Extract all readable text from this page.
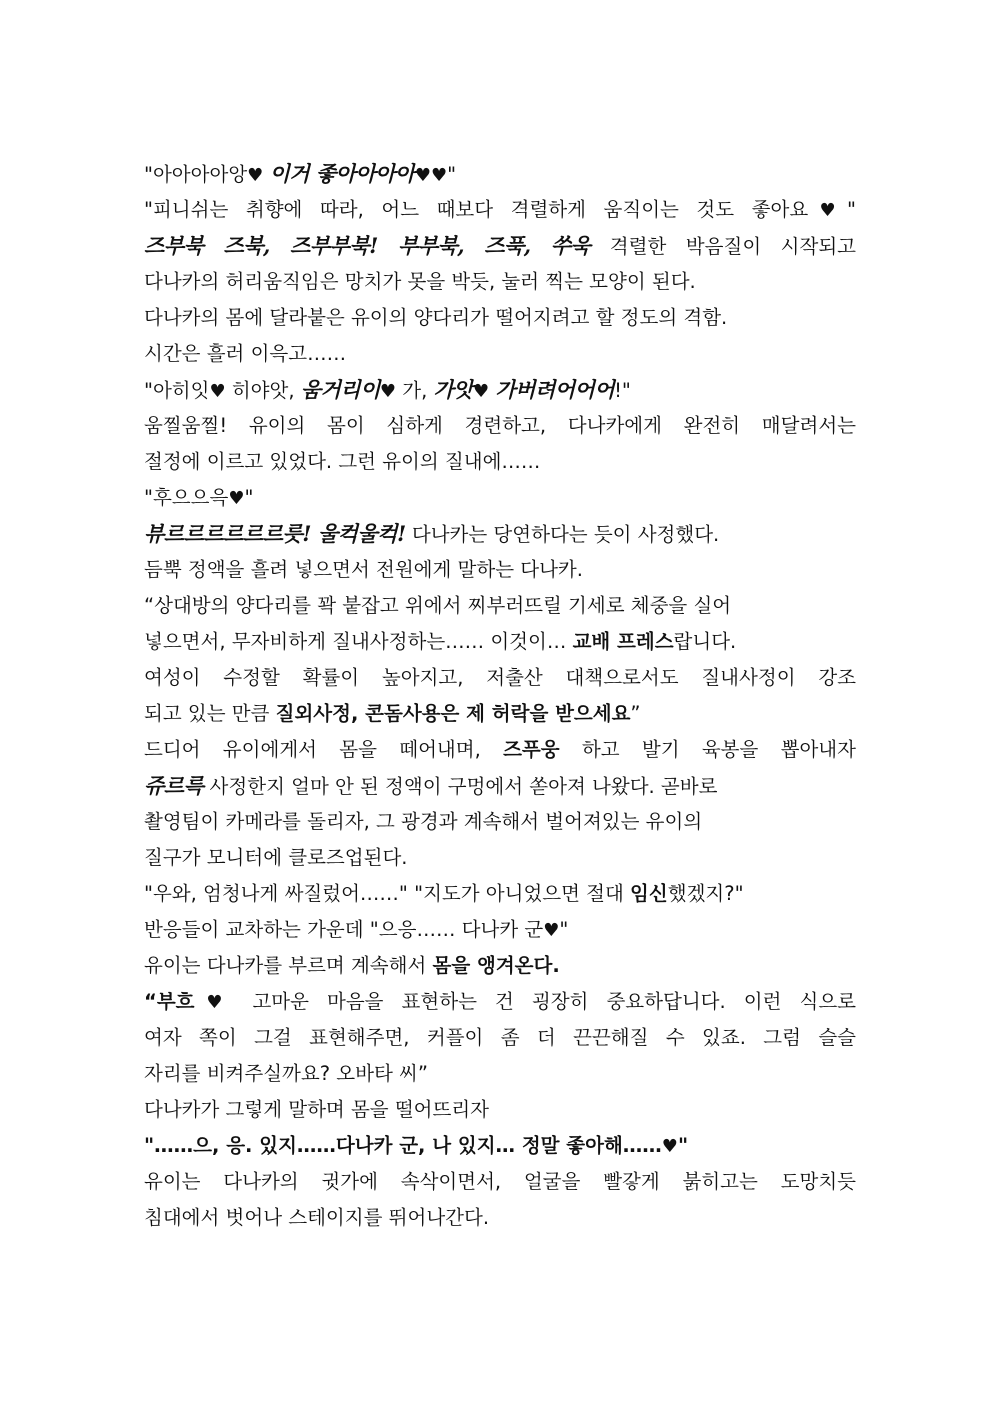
"아아아아앙♥ 이거 좋아아아아♥♥"
"피니쉬는 취향에 따라, 어느 때보다 격렬하게 움직이는 것도 좋아요♥"
즈부북 즈북, 즈부부북! 부부북, 즈푹, 쑤욱 격렬한 박음질이 시작되고
다나카의 허리움직임은 망치가 못을 박듯, 눌러 찍는 모양이 된다.
다나카의 몸에 달라붙은 유이의 양다리가 떨어지려고 할 정도의 격함.
시간은 흘러 이윽고……
"아히잇♥ 히야앗, 움거리이♥ 가, 가앗♥ 가버려어어어!"
움찔움찔! 유이의 몸이 심하게 경련하고, 다나카에게 완전히 매달려서는
절정에 이르고 있었다. 그런 유이의 질내에……
"후으으윽♥"
뷰르르르르르르릇! 울컥울컥! 다나카는 당연하다는 듯이 사정했다.
듬뿍 정액을 흘려 넣으면서 전원에게 말하는 다나카.
“상대방의 양다리를 꽉 붙잡고 위에서 찌부러뜨릴 기세로 체중을 실어
넣으면서, 무자비하게 질내사정하는…… 이것이… 교배 프레스랍니다.
여성이 수정할 확률이 높아지고, 저출산 대책으로서도 질내사정이 강조
되고 있는 만큼 질외사정, 콘돔사용은 제 허락을 받으세요”
드디어 유이에게서 몸을 떼어내며, 즈푸웅 하고 발기 육봉을 뽑아내자
쥬르륵 사정한지 얼마 안 된 정액이 구멍에서 쏟아져 나왔다. 곧바로
촬영팀이 카메라를 돌리자, 그 광경과 계속해서 벌어져있는 유이의
질구가 모니터에 클로즈업된다.
"우와, 엄청나게 싸질렀어……" "지도가 아니었으면 절대 임신했겠지?"
반응들이 교차하는 가운데 "으응…… 다나카 군♥"
유이는 다나카를 부르며 계속해서 몸을 앵겨온다.
“부흐♥ 고마운 마음을 표현하는 건 굉장히 중요하답니다. 이런 식으로
여자 쪽이 그걸 표현해주면, 커플이 좀 더 끈끈해질 수 있죠. 그럼 슬슬
자리를 비켜주실까요? 오바타 씨”
다나카가 그렇게 말하며 몸을 떨어뜨리자
"……으, 응. 있지……다나카 군, 나 있지… 정말 좋아해……♥"
유이는 다나카의 귓가에 속삭이면서, 얼굴을 빨갛게 붉히고는 도망치듯
침대에서 벗어나 스테이지를 뛰어나간다.
